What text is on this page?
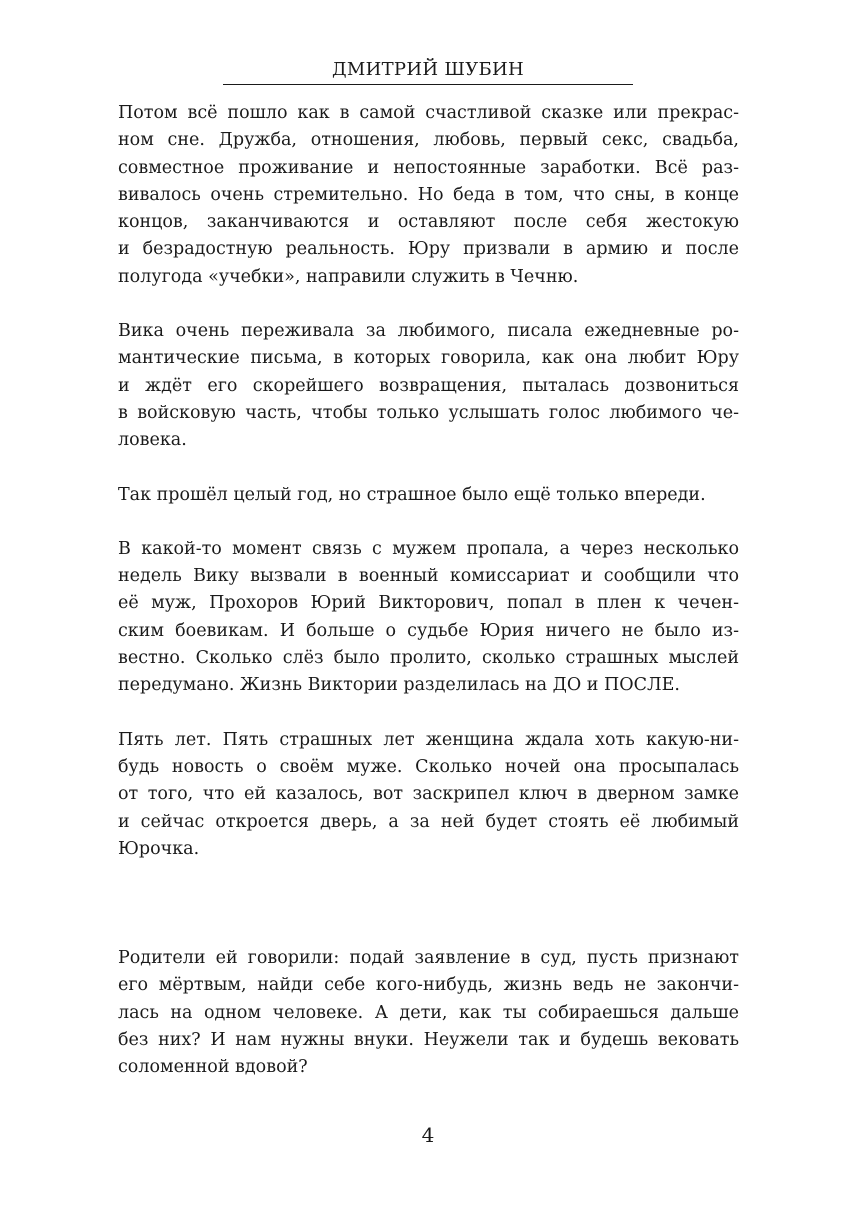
ДМИТРИЙ ШУБИН

Потом всё пошло как в самой счастливой сказке или прекрас-
ном сне. Дружба, отношения, любовь, первый секс, свадьба,
совместное проживание и непостоянные заработки. Всё раз-
вивалось очень стремительно. Но беда в том, что сны, в конце
концов, заканчиваются и оставляют после себя жестокую
и безрадостную реальность. Юру призвали в армию и после
полугода «учебки», направили служить в Чечню.

Вика очень переживала за любимого, писала ежедневные ро-
мантические письма, в которых говорила, как она любит Юру
и ждёт его скорейшего возвращения, пыталась дозвониться
в войсковую часть, чтобы только услышать голос любимого че-
ловека.

Так прошёл целый год, но страшное было ещё только впереди.

В какой-то момент связь с мужем пропала, а через несколько
недель Вику вызвали в военный комиссариат и сообщили что
её муж, Прохоров Юрий Викторович, попал в плен к чечен-
ским боевикам. И больше о судьбе Юрия ничего не было из-
вестно. Сколько слёз было пролито, сколько страшных мыслей
передумано. Жизнь Виктории разделилась на ДО и ПОСЛЕ.

Пять лет. Пять страшных лет женщина ждала хоть какую-ни-
будь новость о своём муже. Сколько ночей она просыпалась
от того, что ей казалось, вот заскрипел ключ в дверном замке
и сейчас откроется дверь, а за ней будет стоять её любимый
Юрочка.

Родители ей говорили: подай заявление в суд, пусть признают
его мёртвым, найди себе кого-нибудь, жизнь ведь не закончи-
лась на одном человеке. А дети, как ты собираешься дальше
без них? И нам нужны внуки. Неужели так и будешь вековать
соломенной вдовой?

4
